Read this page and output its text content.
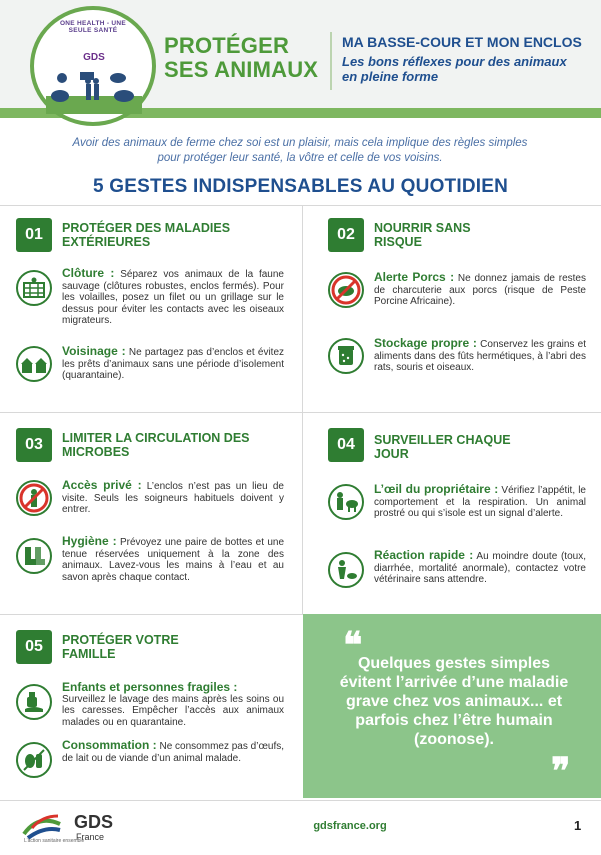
ONE HEALTH - UNE SEULE SANTÉ
GDS	PROTÉGER
SES ANIMAUX
MA BASSE-COUR ET MON ENCLOS
Les bons réflexes pour des animaux en pleine forme
Avoir des animaux de ferme chez soi est un plaisir, mais cela implique des règles simples pour protéger leur santé, la vôtre et celle de vos voisins.
5 GESTES INDISPENSABLES AU QUOTIDIEN
01	PROTÉGER DES MALADIES
EXTÉRIEURES
Clôture : Séparez vos animaux de la faune sauvage (clôtures robustes, enclos fermés). Pour les volailles, posez un filet ou un grillage sur le dessus pour éviter les contacts avec les oiseaux migrateurs.
Voisinage : Ne partagez pas d’enclos et évitez les prêts d’animaux sans une période d’isolement (quarantaine).
02	NOURRIR SANS
RISQUE
Alerte Porcs : Ne donnez jamais de restes de charcuterie aux porcs (risque de Peste Porcine Africaine).
Stockage propre : Conservez les grains et aliments dans des fûts hermétiques, à l’abri des rats, souris et oiseaux.
03	LIMITER LA CIRCULATION DES
MICROBES
Accès privé : L’enclos n’est pas un lieu de visite. Seuls les soigneurs habituels doivent y entrer.
Hygiène : Prévoyez une paire de bottes et une tenue réservées uniquement à la zone des animaux. Lavez-vous les mains à l’eau et au savon après chaque contact.
04	SURVEILLER CHAQUE
JOUR
L’œil du propriétaire : Vérifiez l’appétit, le comportement et la respiration. Un animal prostré ou qui s’isole est un signal d’alerte.
Réaction rapide : Au moindre doute (toux, diarrhée, mortalité anormale), contactez votre vétérinaire sans attendre.
05	PROTÉGER VOTRE
FAMILLE
Enfants et personnes fragiles :
Surveillez le lavage des mains après les soins ou les caresses. Empêcher l’accès aux animaux malades ou en quarantaine.
Consommation : Ne consommez pas d’œufs, de lait ou de viande d’un animal malade.
❝
Quelques gestes simples évitent l’arrivée d’une maladie grave chez vos animaux... et parfois chez l’être humain (zoonose).
❞
GDS
France
L’action sanitaire ensemble
gdsfrance.org	1
